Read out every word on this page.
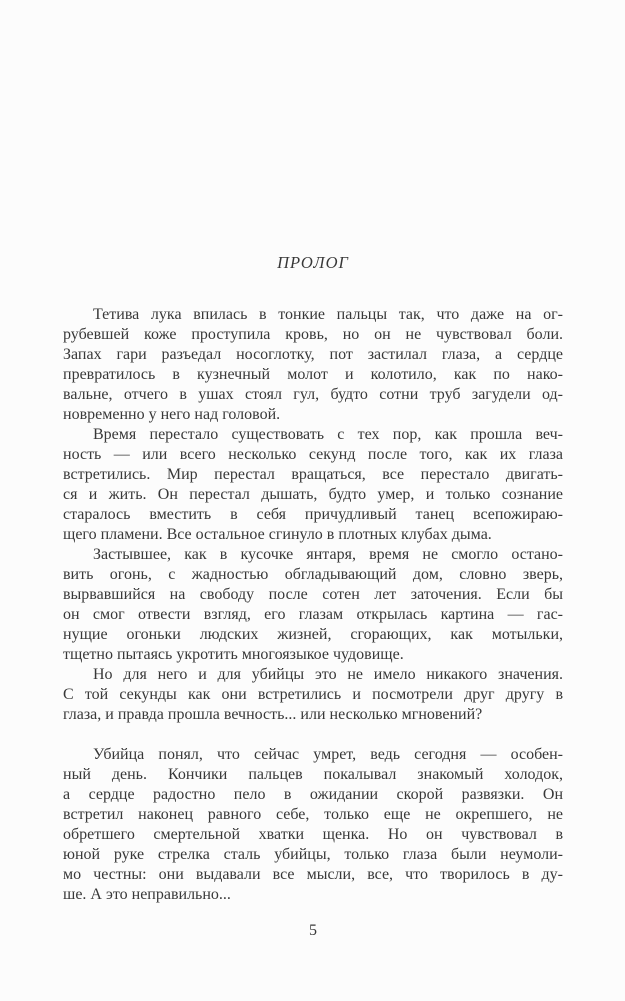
ПРОЛОГ
Тетива лука впилась в тонкие пальцы так, что даже на ог-
рубевшей коже проступила кровь, но он не чувствовал боли.
Запах гари разъедал носоглотку, пот застилал глаза, а сердце
превратилось в кузнечный молот и колотило, как по нако-
вальне, отчего в ушах стоял гул, будто сотни труб загудели од-
новременно у него над головой.
Время перестало существовать с тех пор, как прошла веч-
ность — или всего несколько секунд после того, как их глаза
встретились. Мир перестал вращаться, все перестало двигать-
ся и жить. Он перестал дышать, будто умер, и только сознание
старалось вместить в себя причудливый танец всепожираю-
щего пламени. Все остальное сгинуло в плотных клубах дыма.
Застывшее, как в кусочке янтаря, время не смогло остано-
вить огонь, с жадностью обгладывающий дом, словно зверь,
вырвавшийся на свободу после сотен лет заточения. Если бы
он смог отвести взгляд, его глазам открылась картина — гас-
нущие огоньки людских жизней, сгорающих, как мотыльки,
тщетно пытаясь укротить многоязыкое чудовище.
Но для него и для убийцы это не имело никакого значения.
С той секунды как они встретились и посмотрели друг другу в
глаза, и правда прошла вечность... или несколько мгновений?
Убийца понял, что сейчас умрет, ведь сегодня — особен-
ный день. Кончики пальцев покалывал знакомый холодок,
а сердце радостно пело в ожидании скорой развязки. Он
встретил наконец равного себе, только еще не окрепшего, не
обретшего смертельной хватки щенка. Но он чувствовал в
юной руке стрелка сталь убийцы, только глаза были неумоли-
мо честны: они выдавали все мысли, все, что творилось в ду-
ше. А это неправильно...
5
